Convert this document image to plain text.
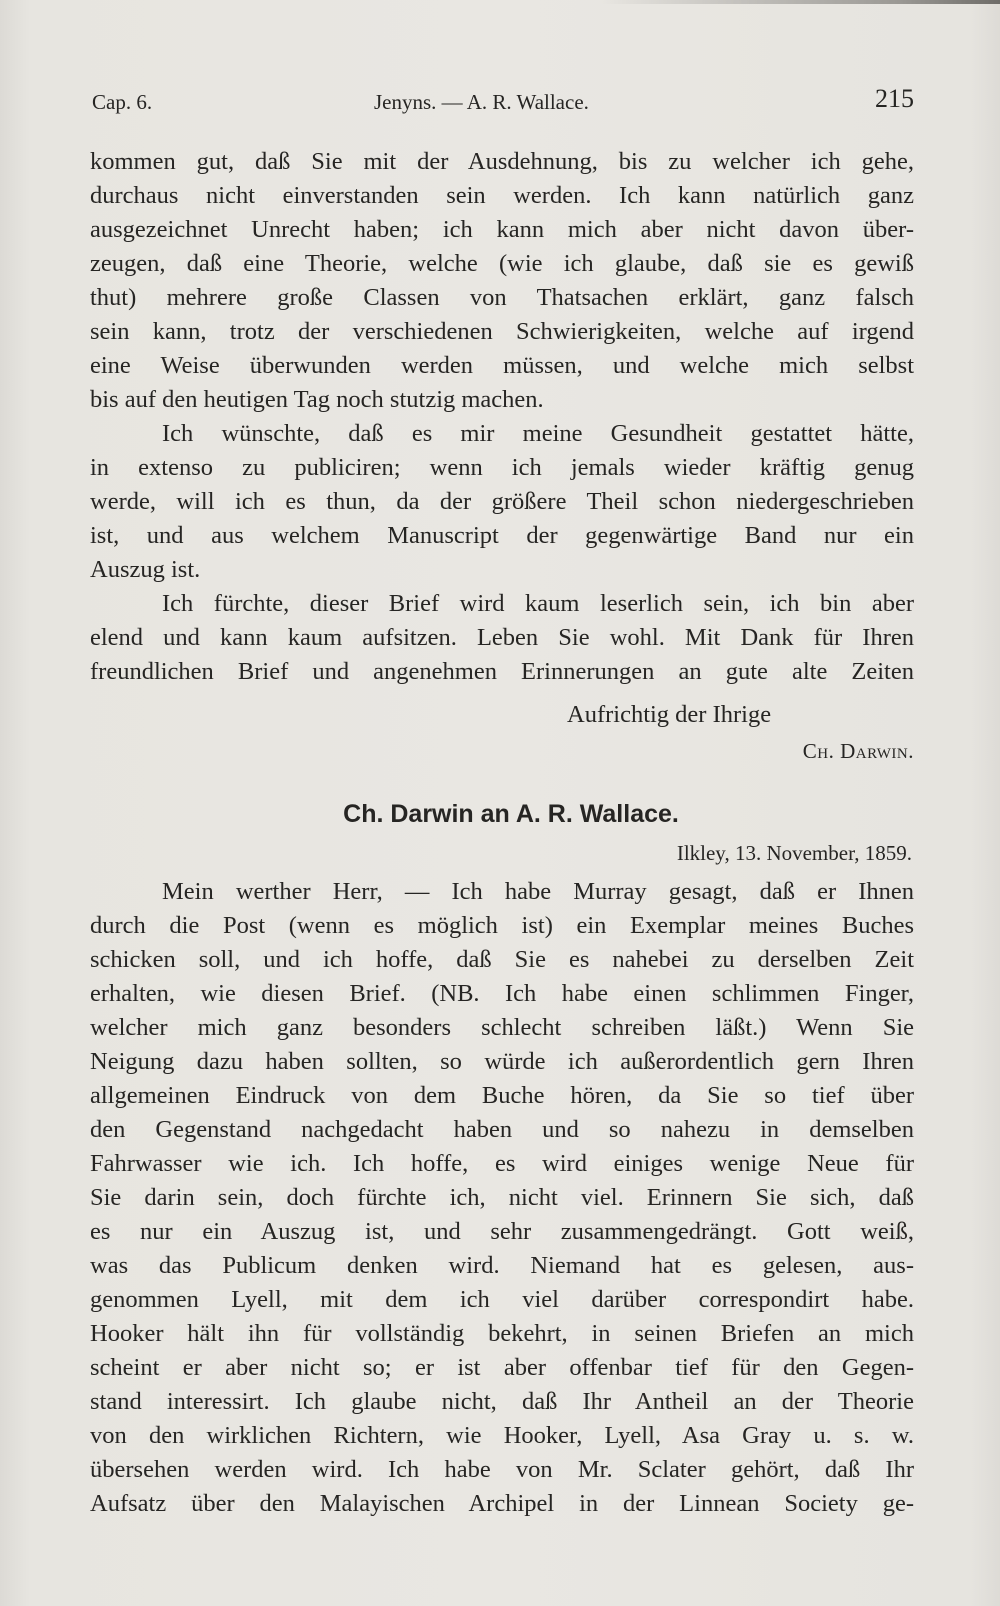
Cap. 6.	Jenyns. — A. R. Wallace.	215
kommen gut, daß Sie mit der Ausdehnung, bis zu welcher ich gehe,
durchaus nicht einverstanden sein werden. Ich kann natürlich ganz
ausgezeichnet Unrecht haben; ich kann mich aber nicht davon über-
zeugen, daß eine Theorie, welche (wie ich glaube, daß sie es gewiß
thut) mehrere große Classen von Thatsachen erklärt, ganz falsch
sein kann, trotz der verschiedenen Schwierigkeiten, welche auf irgend
eine Weise überwunden werden müssen, und welche mich selbst
bis auf den heutigen Tag noch stutzig machen.
Ich wünschte, daß es mir meine Gesundheit gestattet hätte,
in extenso zu publiciren; wenn ich jemals wieder kräftig genug
werde, will ich es thun, da der größere Theil schon niedergeschrieben
ist, und aus welchem Manuscript der gegenwärtige Band nur ein
Auszug ist.
Ich fürchte, dieser Brief wird kaum leserlich sein, ich bin aber
elend und kann kaum aufsitzen. Leben Sie wohl. Mit Dank für Ihren
freundlichen Brief und angenehmen Erinnerungen an gute alte Zeiten
Aufrichtig der Ihrige
Ch. Darwin.
Ch. Darwin an A. R. Wallace.
Ilkley, 13. November, 1859.
Mein werther Herr, — Ich habe Murray gesagt, daß er Ihnen
durch die Post (wenn es möglich ist) ein Exemplar meines Buches
schicken soll, und ich hoffe, daß Sie es nahebei zu derselben Zeit
erhalten, wie diesen Brief. (NB. Ich habe einen schlimmen Finger,
welcher mich ganz besonders schlecht schreiben läßt.) Wenn Sie
Neigung dazu haben sollten, so würde ich außerordentlich gern Ihren
allgemeinen Eindruck von dem Buche hören, da Sie so tief über
den Gegenstand nachgedacht haben und so nahezu in demselben
Fahrwasser wie ich. Ich hoffe, es wird einiges wenige Neue für
Sie darin sein, doch fürchte ich, nicht viel. Erinnern Sie sich, daß
es nur ein Auszug ist, und sehr zusammengedrängt. Gott weiß,
was das Publicum denken wird. Niemand hat es gelesen, aus-
genommen Lyell, mit dem ich viel darüber correspondirt habe.
Hooker hält ihn für vollständig bekehrt, in seinen Briefen an mich
scheint er aber nicht so; er ist aber offenbar tief für den Gegen-
stand interessirt. Ich glaube nicht, daß Ihr Antheil an der Theorie
von den wirklichen Richtern, wie Hooker, Lyell, Asa Gray u. s. w.
übersehen werden wird. Ich habe von Mr. Sclater gehört, daß Ihr
Aufsatz über den Malayischen Archipel in der Linnean Society ge-
